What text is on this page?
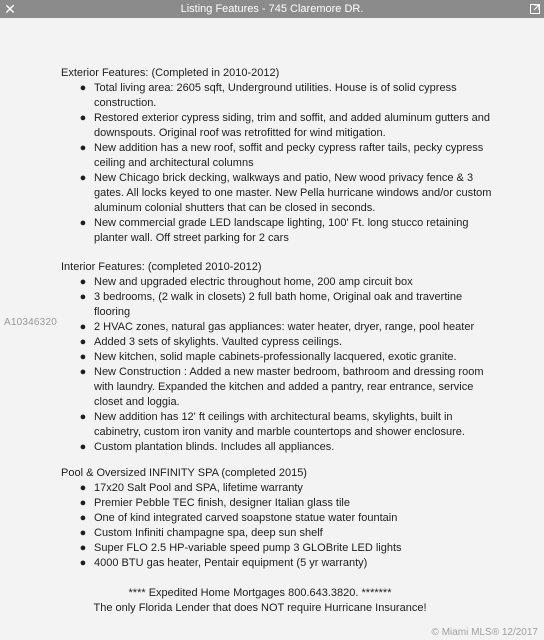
✕	Listing Features - 745 Claremore DR.
Exterior Features: (Completed in 2010-2012)
● Total living area: 2605 sqft, Underground utilities. House is of solid cypress construction.
● Restored exterior cypress siding, trim and soffit, and added aluminum gutters and downspouts. Original roof was retrofitted for wind mitigation.
● New addition has a new roof, soffit and pecky cypress rafter tails, pecky cypress ceiling and architectural columns
● New Chicago brick decking, walkways and patio, New wood privacy fence & 3 gates. All locks keyed to one master. New Pella hurricane windows and/or custom aluminum colonial shutters that can be closed in seconds.
● New commercial grade LED landscape lighting, 100' Ft. long stucco retaining planter wall. Off street parking for 2 cars
Interior Features: (completed 2010-2012)
● New and upgraded electric throughout home, 200 amp circuit box
● 3 bedrooms, (2 walk in closets) 2 full bath home, Original oak and travertine flooring
● 2 HVAC zones, natural gas appliances: water heater, dryer, range, pool heater
● Added 3 sets of skylights. Vaulted cypress ceilings.
● New kitchen, solid maple cabinets-professionally lacquered, exotic granite.
● New Construction : Added a new master bedroom, bathroom and dressing room with laundry. Expanded the kitchen and added a pantry, rear entrance, service closet and loggia.
● New addition has 12' ft ceilings with architectural beams, skylights, built in cabinetry, custom iron vanity and marble countertops and shower enclosure.
● Custom plantation blinds. Includes all appliances.
Pool & Oversized INFINITY SPA (completed 2015)
● 17x20 Salt Pool and SPA, lifetime warranty
● Premier Pebble TEC finish, designer Italian glass tile
● One of kind integrated carved soapstone statue water fountain
● Custom Infiniti champagne spa, deep sun shelf
● Super FLO 2.5 HP-variable speed pump 3 GLOBrite LED lights
● 4000 BTU gas heater, Pentair equipment (5 yr warranty)
**** Expedited Home Mortgages 800.643.3820. *******
The only Florida Lender that does NOT require Hurricane Insurance!
A10346320
© Miami MLS® 12/2017
